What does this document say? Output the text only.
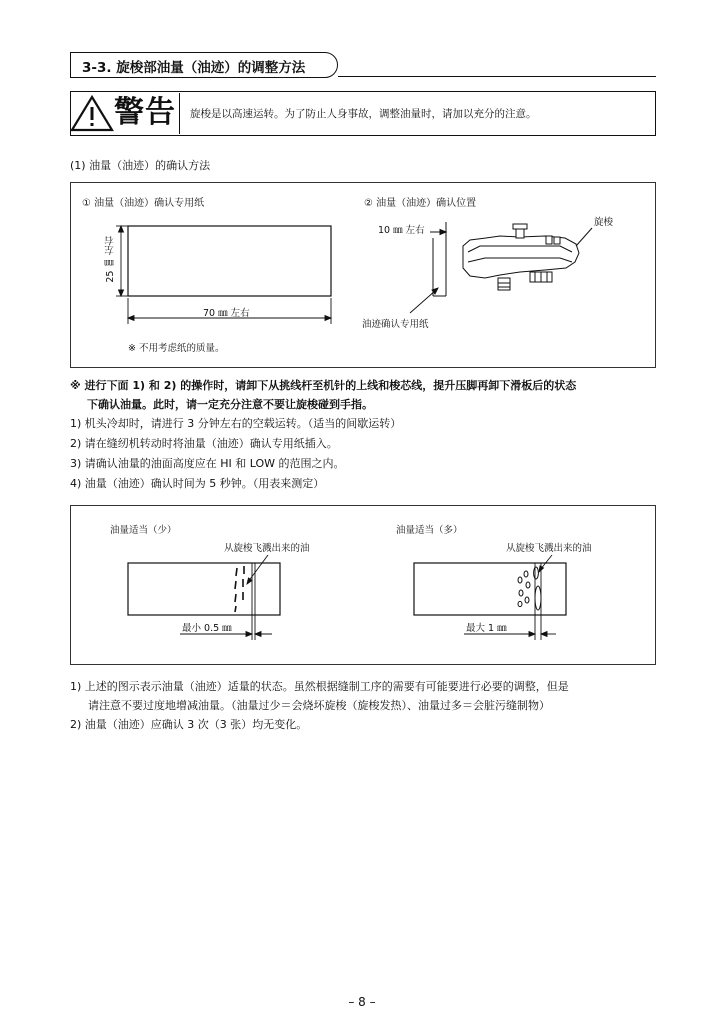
3-3. 旋梭部油量（油迹）的调整方法
警告 旋梭是以高速运转。为了防止人身事故，调整油量时，请加以充分的注意。
(1) 油量（油迹）的确认方法
① 油量（油迹）确认专用纸	② 油量（油迹）确认位置
25 ㎜ 左右
70 ㎜ 左右
※ 不用考虑纸的质量。
10 ㎜ 左右
旋梭
油迹确认专用纸
※ 进行下面 1) 和 2) 的操作时，请卸下从挑线杆至机针的上线和梭芯线，提升压脚再卸下滑板后的状态
下确认油量。此时，请一定充分注意不要让旋梭碰到手指。
1) 机头冷却时，请进行 3 分钟左右的空载运转。（适当的间歇运转）
2) 请在缝纫机转动时将油量（油迹）确认专用纸插入。
3) 请确认油量的油面高度应在 HI 和 LOW 的范围之内。
4) 油量（油迹）确认时间为 5 秒钟。（用表来测定）
油量适当（少）
从旋梭飞溅出来的油
最小 0.5 ㎜
油量适当（多）
从旋梭飞溅出来的油
最大 1 ㎜
1) 上述的图示表示油量（油迹）适量的状态。虽然根据缝制工序的需要有可能要进行必要的调整，但是
请注意不要过度地增减油量。（油量过少＝会烧坏旋梭（旋梭发热）、油量过多＝会脏污缝制物）
2) 油量（油迹）应确认 3 次（3 张）均无变化。
– 8 –
